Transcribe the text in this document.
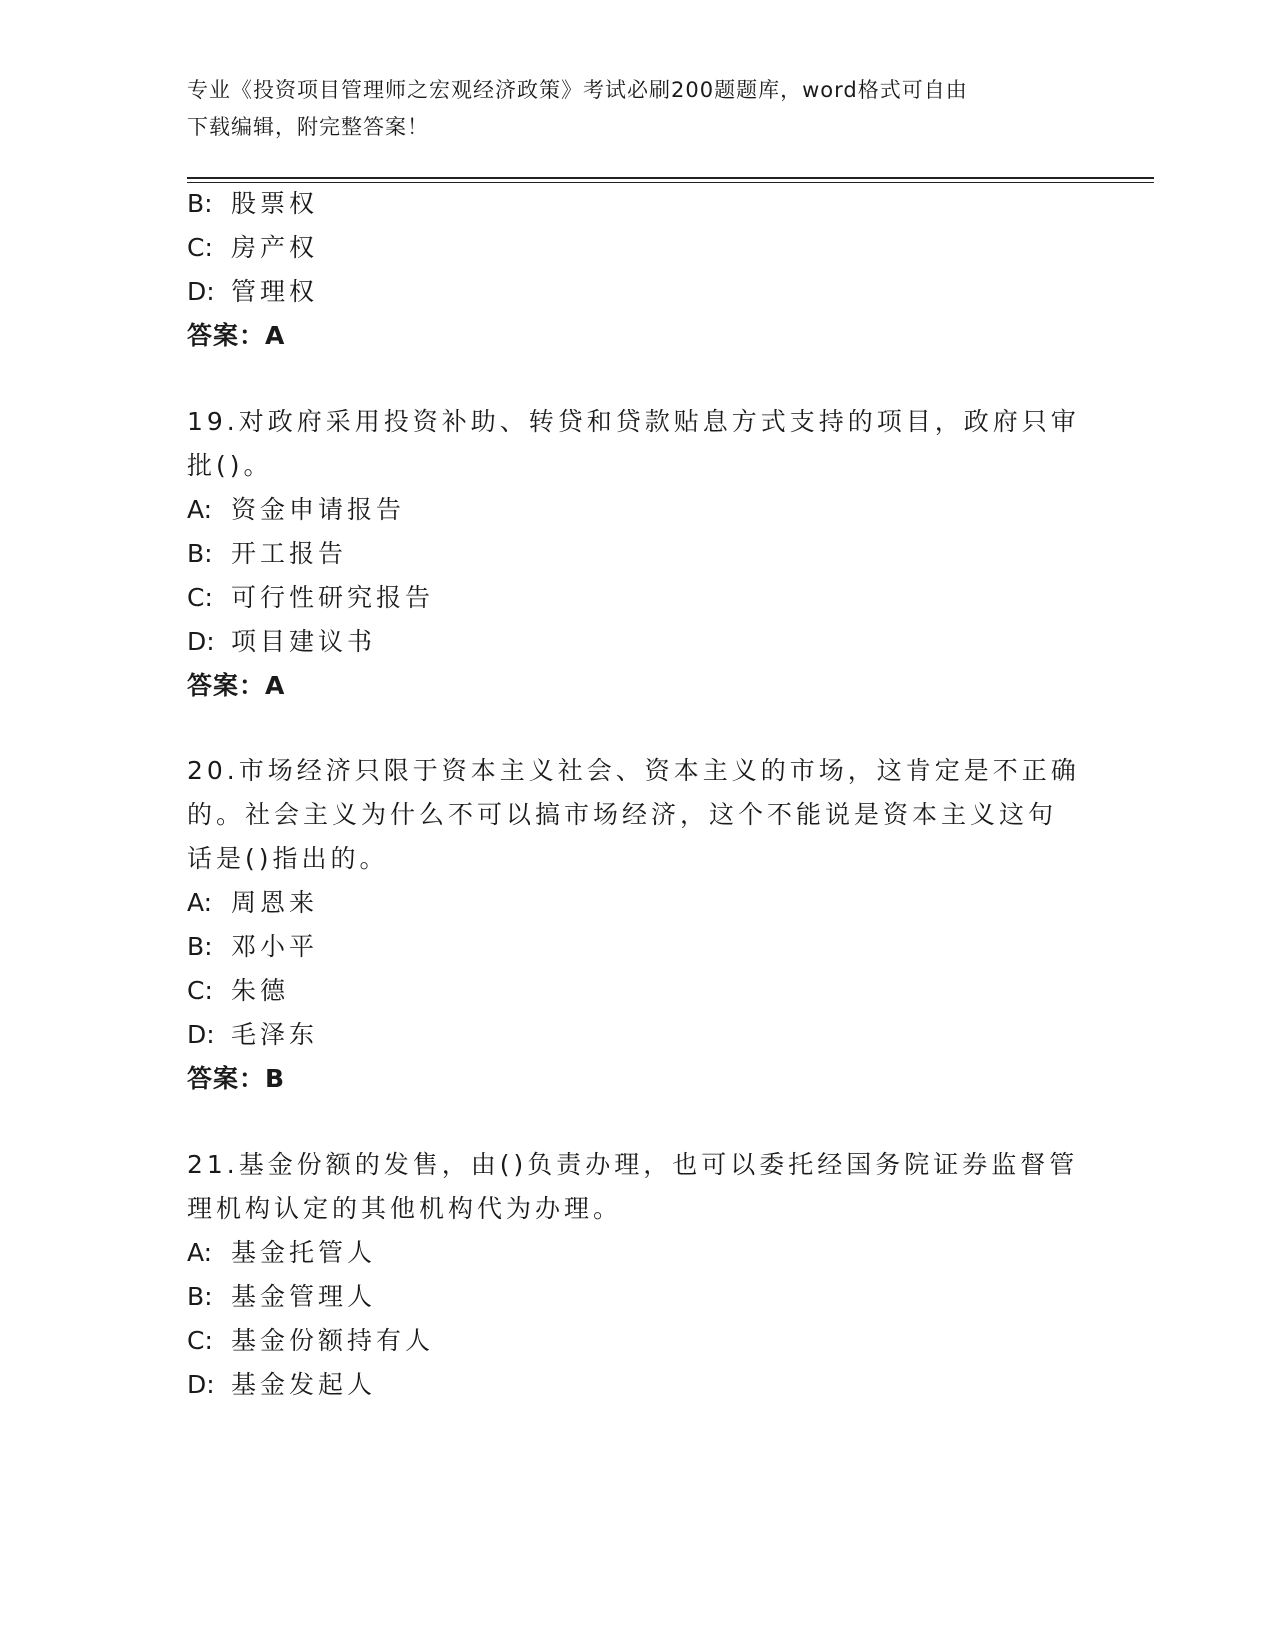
专业《投资项目管理师之宏观经济政策》考试必刷200题题库，word格式可自由
下载编辑，附完整答案！
B: 股票权
C: 房产权
D: 管理权
答案：A
19.对政府采用投资补助、转贷和贷款贴息方式支持的项目，政府只审
批()。
A: 资金申请报告
B: 开工报告
C: 可行性研究报告
D: 项目建议书
答案：A
20.市场经济只限于资本主义社会、资本主义的市场，这肯定是不正确
的。社会主义为什么不可以搞市场经济，这个不能说是资本主义这句
话是()指出的。
A: 周恩来
B: 邓小平
C: 朱德
D: 毛泽东
答案：B
21.基金份额的发售，由()负责办理，也可以委托经国务院证券监督管
理机构认定的其他机构代为办理。
A: 基金托管人
B: 基金管理人
C: 基金份额持有人
D: 基金发起人
